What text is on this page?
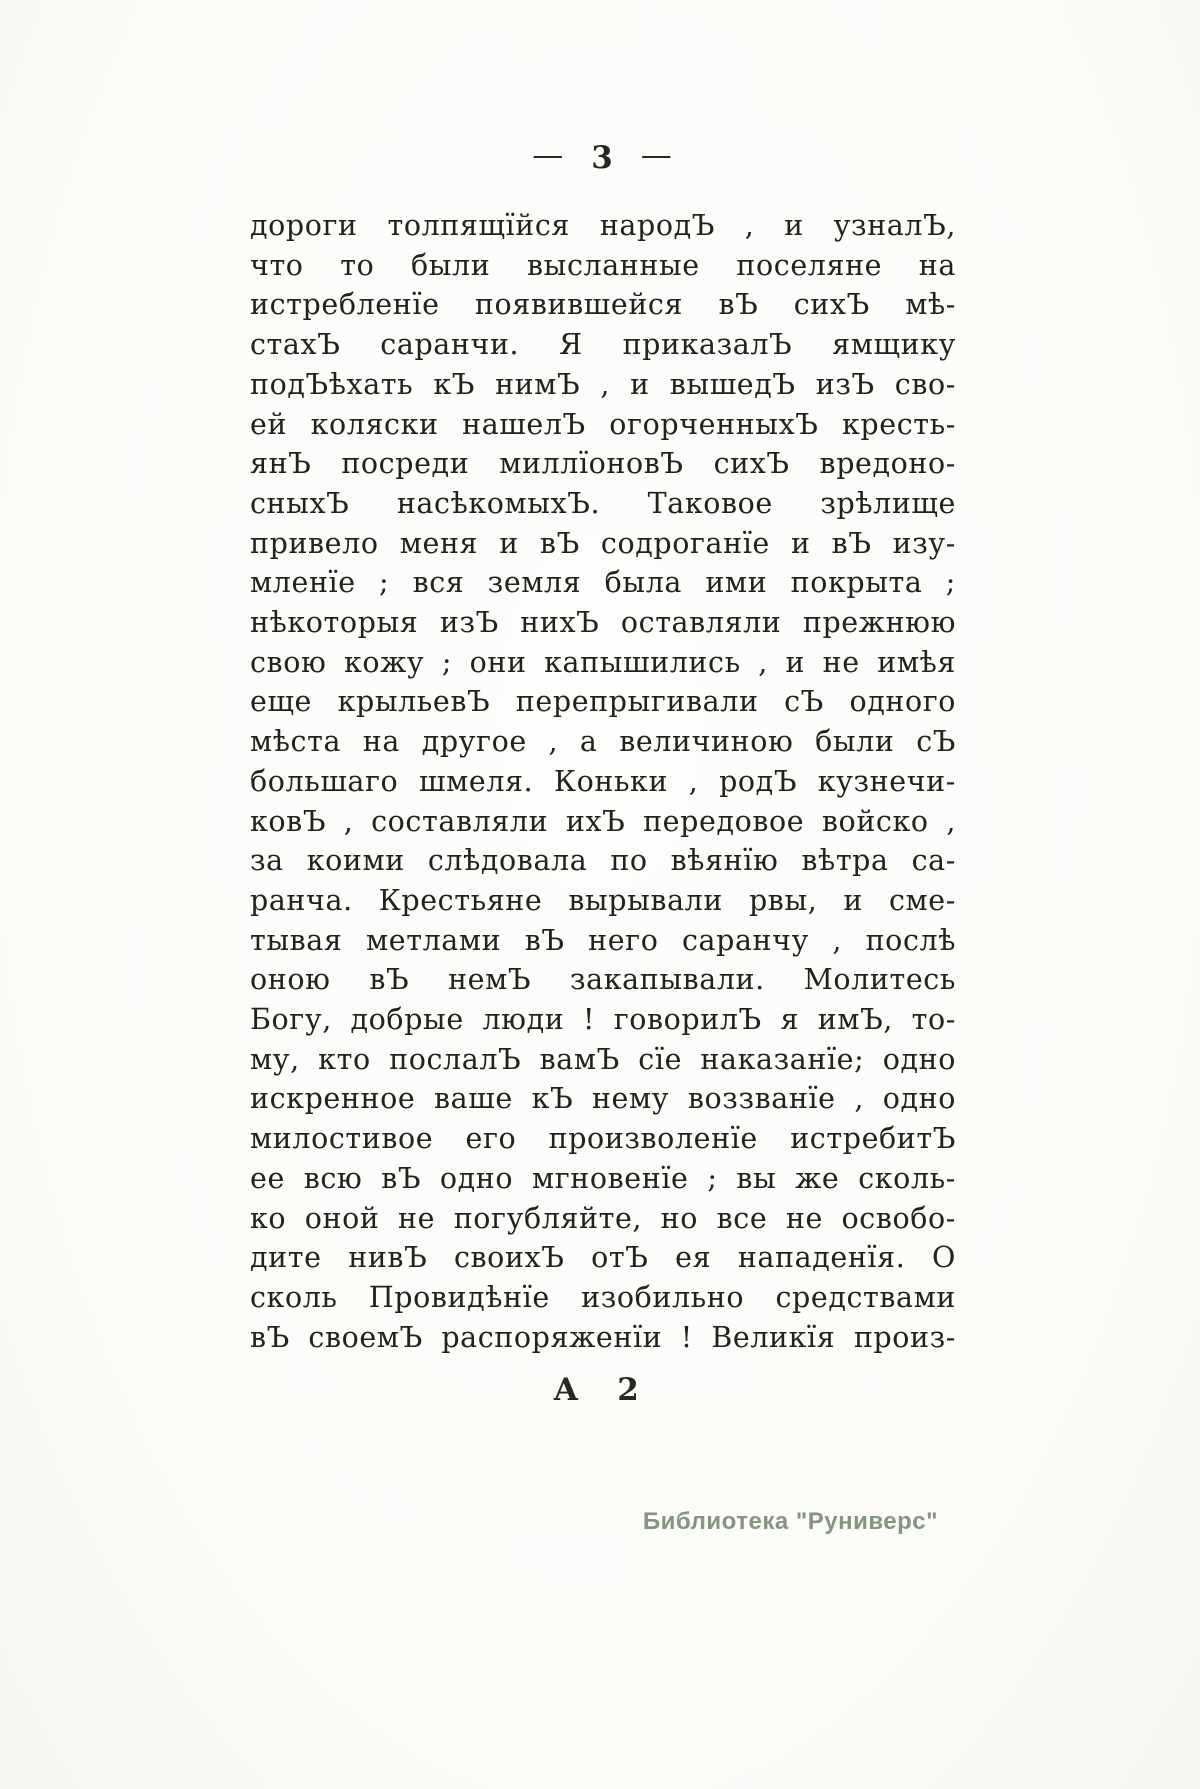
— 3 —
дороги толпящїйся народЪ , и узналЪ,
что то были высланные поселяне на
истребленїе появившейся вЪ сихЪ мѣ-
стахЪ саранчи. Я приказалЪ ямщику
подЪѣхать кЪ нимЪ , и вышедЪ изЪ сво-
ей коляски нашелЪ огорченныхЪ кресть-
янЪ посреди миллїоновЪ сихЪ вредоно-
сныхЪ насѣкомыхЪ. Таковое зрѣлище
привело меня и вЪ содроганїе и вЪ изу-
мленїе ; вся земля была ими покрыта ;
нѣкоторыя изЪ нихЪ оставляли прежнюю
свою кожу ; они капышились , и не имѣя
еще крыльевЪ перепрыгивали сЪ одного
мѣста на другое , а величиною были сЪ
большаго шмеля. Коньки , родЪ кузнечи-
ковЪ , составляли ихЪ передовое войско ,
за коими слѣдовала по вѣянїю вѣтра са-
ранча. Крестьяне вырывали рвы, и сме-
тывая метлами вЪ него саранчу , послѣ
оною вЪ немЪ закапывали. Молитесь
Богу, добрые люди ! говорилЪ я имЪ, то-
му, кто послалЪ вамЪ сїе наказанїе; одно
искренное ваше кЪ нему воззванїе , одно
милостивое его произволенїе истребитЪ
ее всю вЪ одно мгновенїе ; вы же сколь-
ко оной не погубляйте, но все не освобо-
дите нивЪ своихЪ отЪ ея нападенїя. О
сколь Провидѣнїе изобильно средствами
вЪ своемЪ распоряженїи ! Великїя произ-
А 2
Библиотека "Руниверс"
